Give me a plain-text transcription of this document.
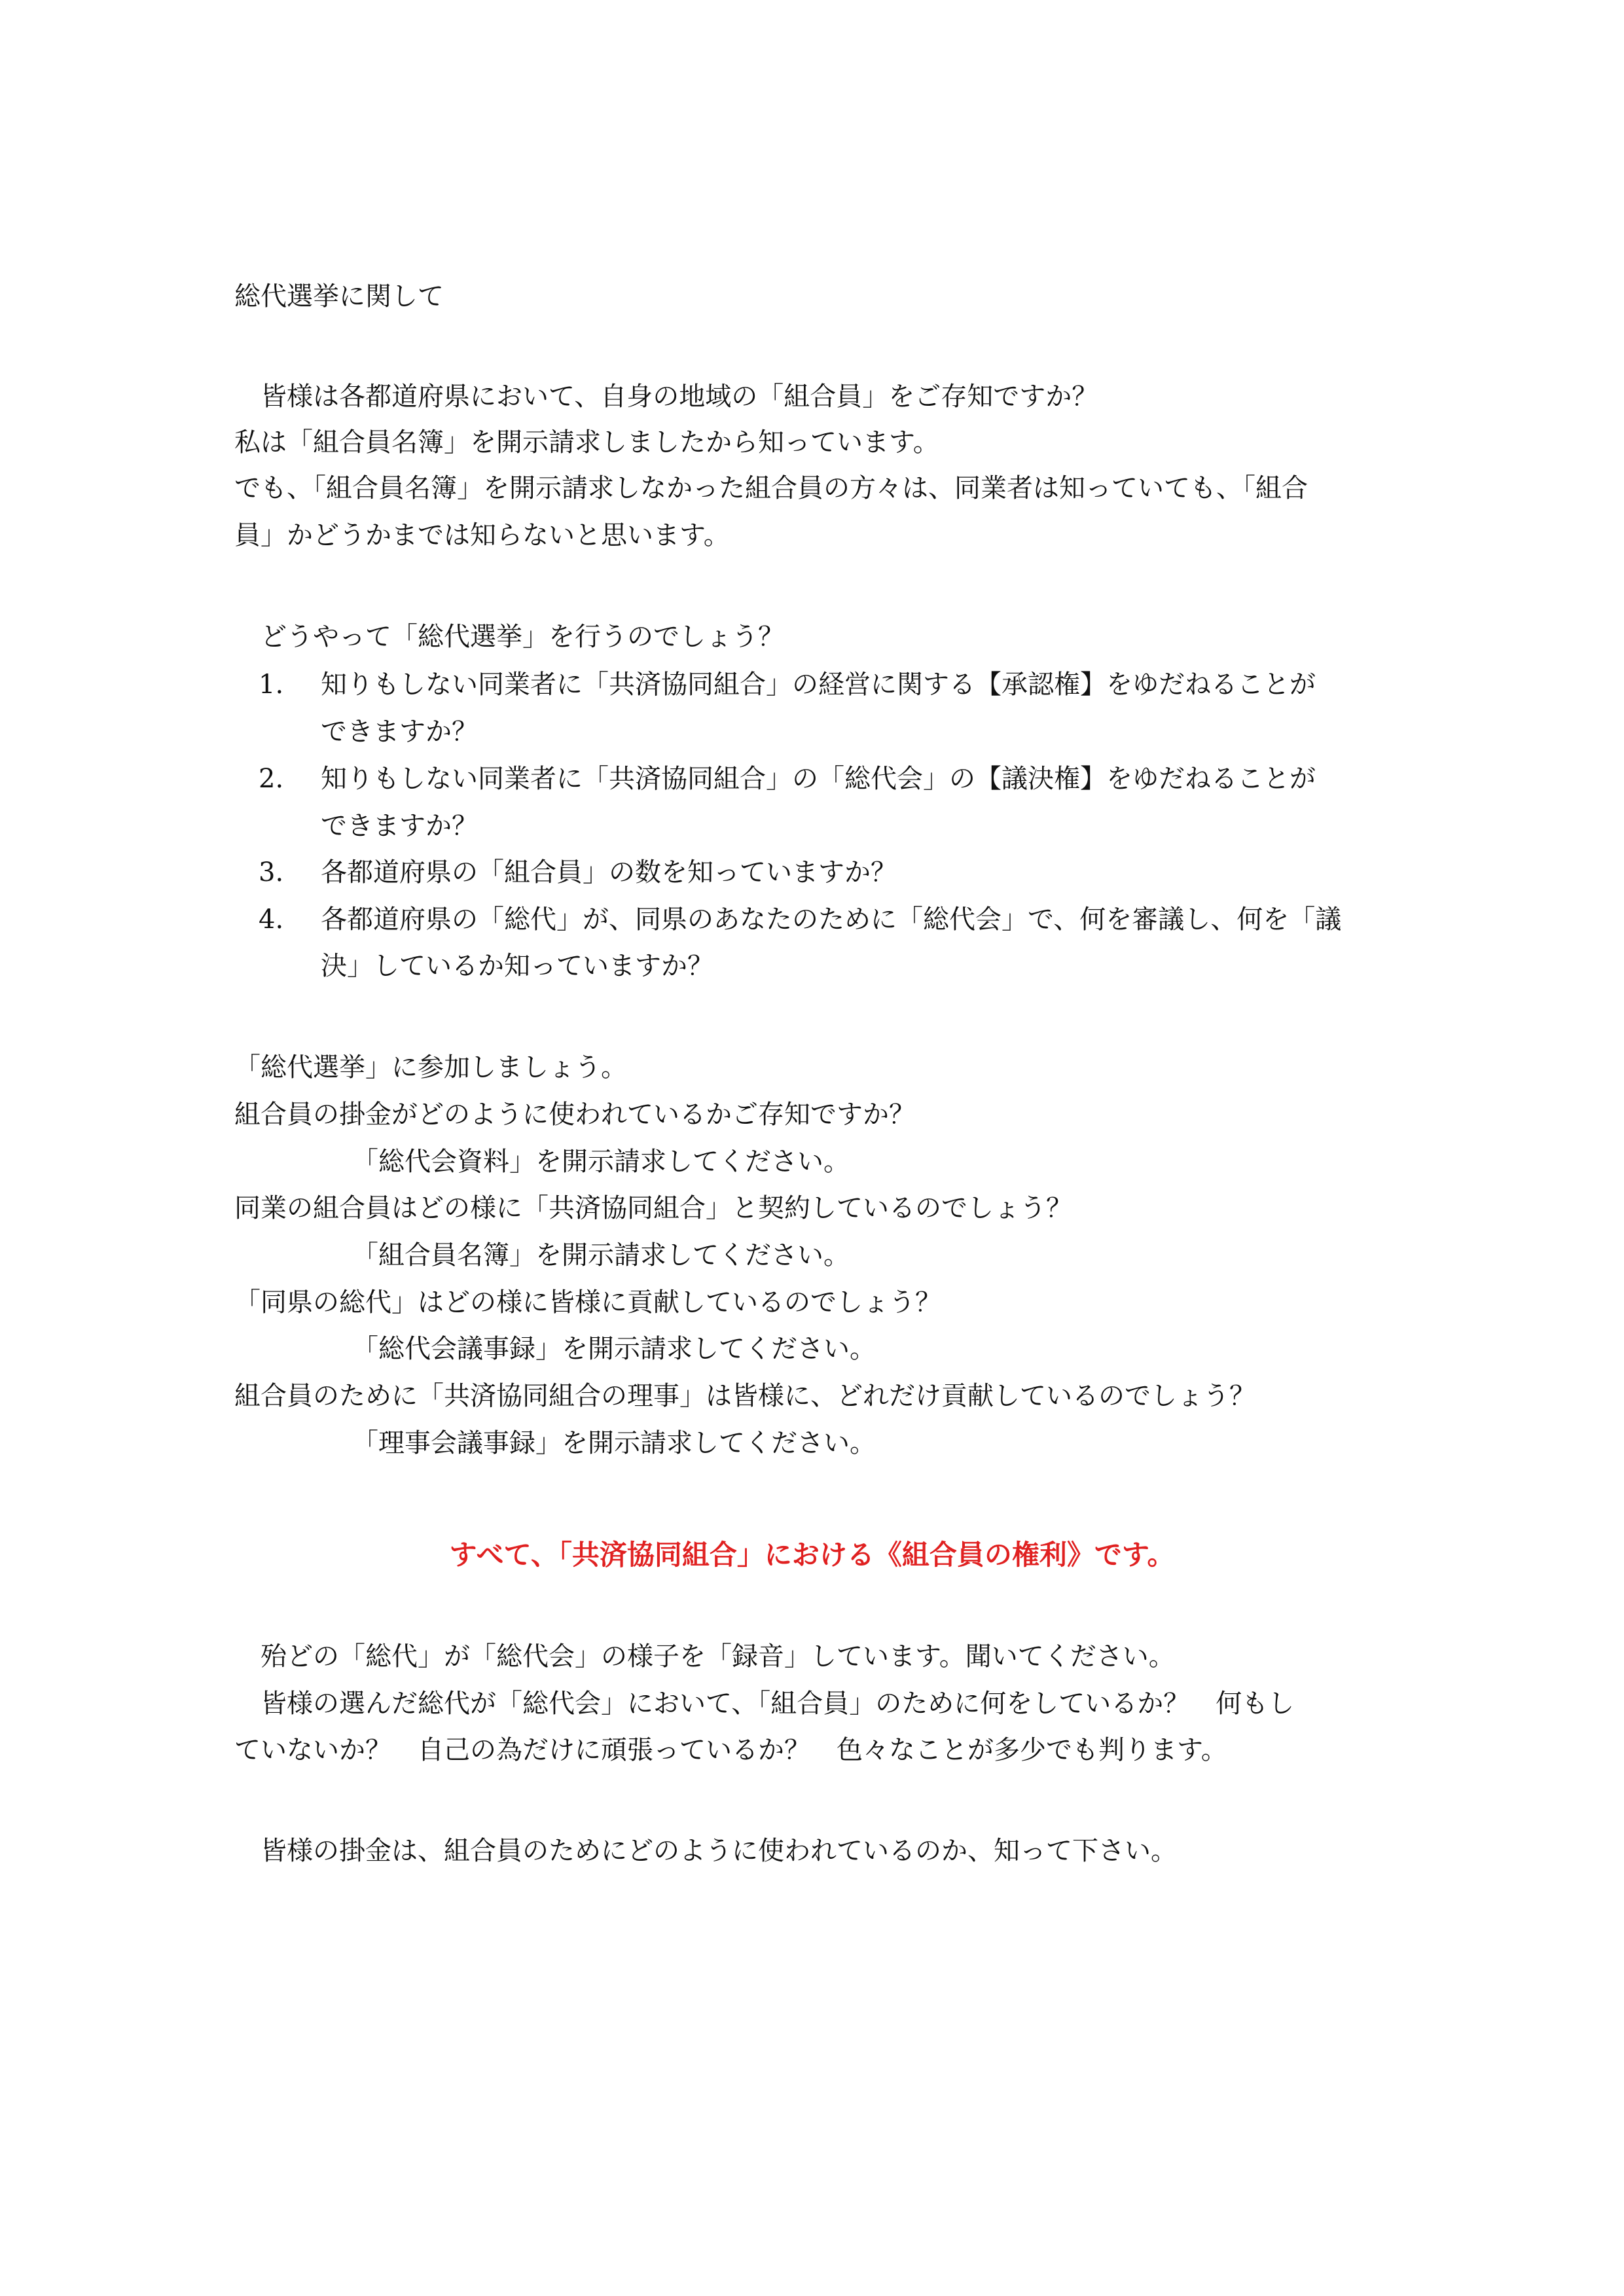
総代選挙に関して
皆様は各都道府県において、自身の地域の「組合員」をご存知ですか？
私は「組合員名簿」を開示請求しましたから知っています。
でも、「組合員名簿」を開示請求しなかった組合員の方々は、同業者は知っていても、「組合
員」かどうかまでは知らないと思います。
どうやって「総代選挙」を行うのでしょう？
1. 知りもしない同業者に「共済協同組合」の経営に関する【承認権】をゆだねることが
できますか？
2. 知りもしない同業者に「共済協同組合」の「総代会」の【議決権】をゆだねることが
できますか？
3. 各都道府県の「組合員」の数を知っていますか？
4. 各都道府県の「総代」が、同県のあなたのために「総代会」で、何を審議し、何を「議
決」しているか知っていますか？
「総代選挙」に参加しましょう。
組合員の掛金がどのように使われているかご存知ですか？
「総代会資料」を開示請求してください。
同業の組合員はどの様に「共済協同組合」と契約しているのでしょう？
「組合員名簿」を開示請求してください。
「同県の総代」はどの様に皆様に貢献しているのでしょう？
「総代会議事録」を開示請求してください。
組合員のために「共済協同組合の理事」は皆様に、どれだけ貢献しているのでしょう？
「理事会議事録」を開示請求してください。
すべて、「共済協同組合」における《組合員の権利》です。
殆どの「総代」が「総代会」の様子を「録音」しています。聞いてください。
皆様の選んだ総代が「総代会」において、「組合員」のために何をしているか？　何もし
ていないか？　自己の為だけに頑張っているか？　色々なことが多少でも判ります。
皆様の掛金は、組合員のためにどのように使われているのか、知って下さい。
